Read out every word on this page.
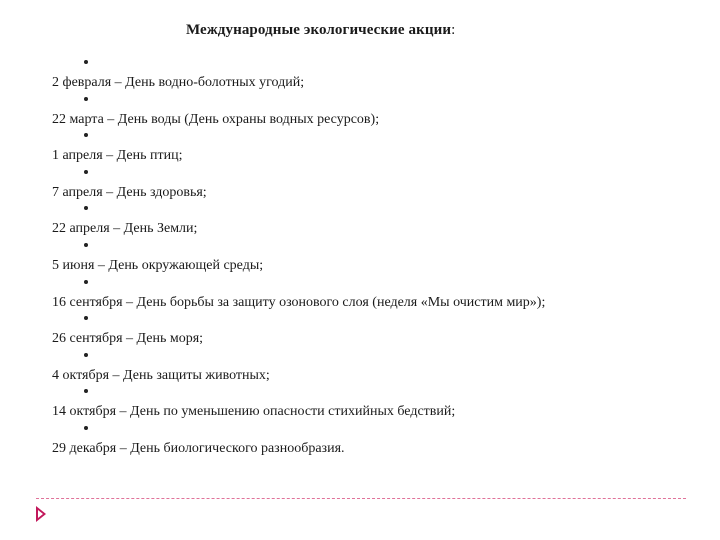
Международные экологические акции:
2 февраля – День водно-болотных угодий;
22 марта – День воды (День охраны водных ресурсов);
1 апреля – День птиц;
7 апреля – День здоровья;
22 апреля – День Земли;
5 июня – День окружающей среды;
16 сентября – День борьбы за защиту озонового слоя (неделя «Мы очистим мир»);
26 сентября – День моря;
4 октября – День защиты животных;
14 октября – День по уменьшению опасности стихийных бедствий;
29 декабря – День биологического разнообразия.
